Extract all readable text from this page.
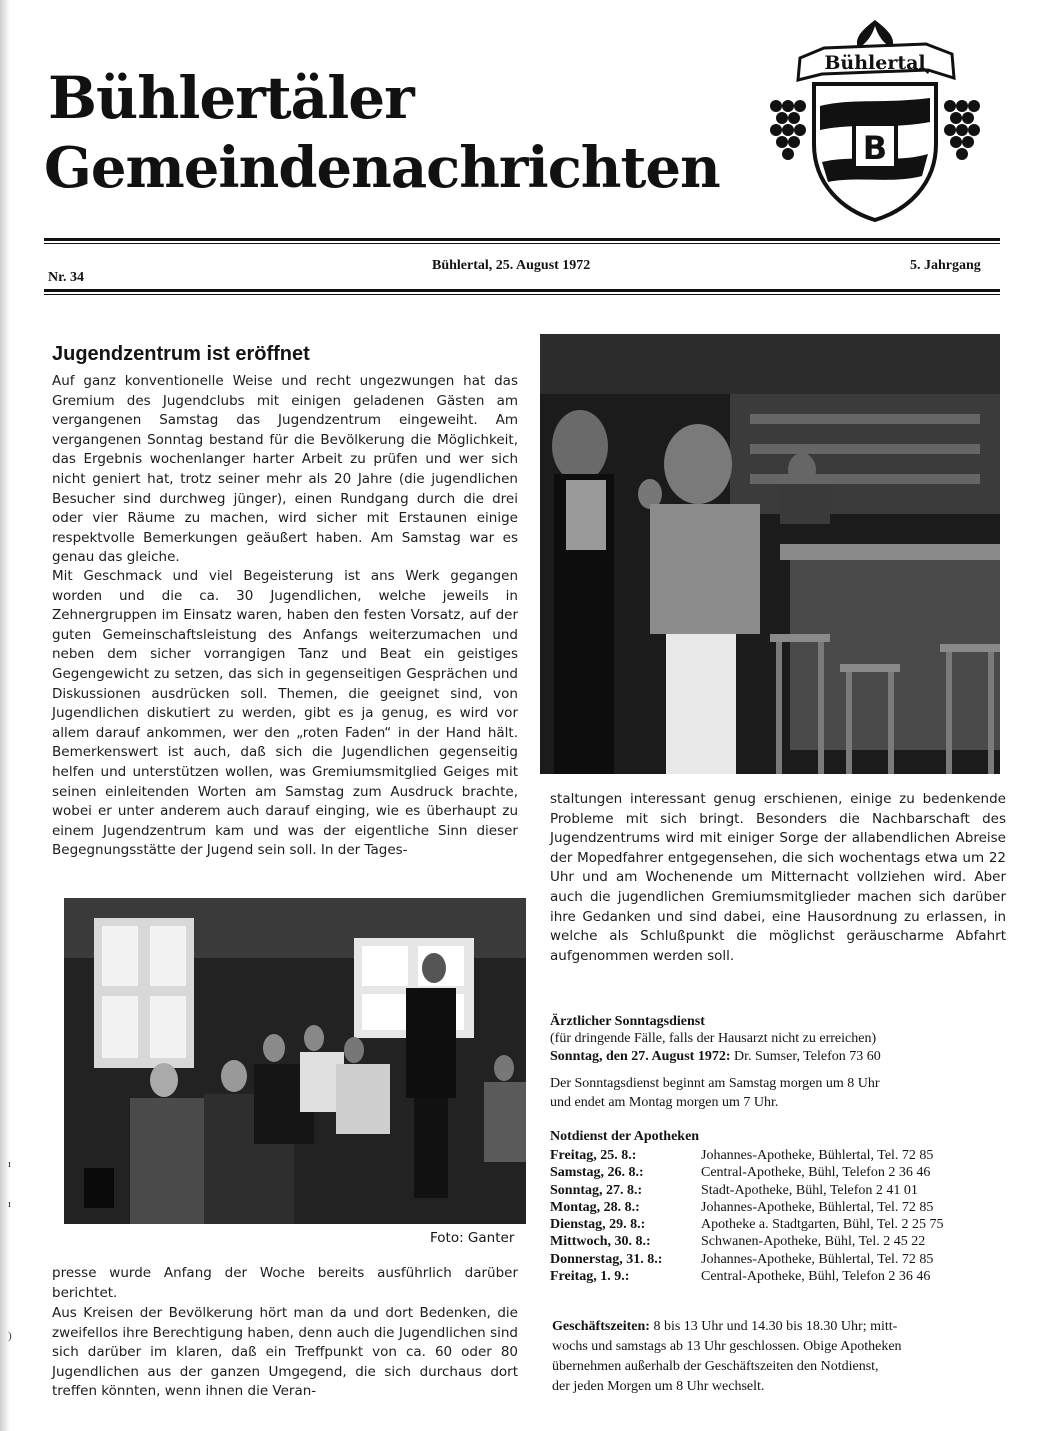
ı
ı
)
Bühlertäler
Gemeindenachrichten
Bühlertal
B
Nr. 34
Bühlertal, 25. August 1972	5. Jahrgang
Jugendzentrum ist eröffnet
Auf ganz konventionelle Weise und recht ungezwungen hat das Gremium des Jugendclubs mit einigen geladenen Gästen am vergangenen Samstag das Jugendzentrum eingeweiht. Am vergangenen Sonntag bestand für die Bevölkerung die Möglichkeit, das Ergebnis wochenlanger harter Arbeit zu prüfen und wer sich nicht geniert hat, trotz seiner mehr als 20 Jahre (die jugendlichen Besucher sind durchweg jünger), einen Rundgang durch die drei oder vier Räume zu machen, wird sicher mit Erstaunen einige respektvolle Bemerkungen geäußert haben. Am Samstag war es genau das gleiche.
Mit Geschmack und viel Begeisterung ist ans Werk gegangen worden und die ca. 30 Jugendlichen, welche jeweils in Zehnergruppen im Einsatz waren, haben den festen Vorsatz, auf der guten Gemeinschaftsleistung des Anfangs weiterzumachen und neben dem sicher vorrangigen Tanz und Beat ein geistiges Gegengewicht zu setzen, das sich in gegenseitigen Gesprächen und Diskussionen ausdrücken soll. Themen, die geeignet sind, von Jugendlichen diskutiert zu werden, gibt es ja genug, es wird vor allem darauf ankommen, wer den „roten Faden“ in der Hand hält. Bemerkenswert ist auch, daß sich die Jugendlichen gegenseitig helfen und unterstützen wollen, was Gremiumsmitglied Geiges mit seinen einleitenden Worten am Samstag zum Ausdruck brachte, wobei er unter anderem auch darauf einging, wie es überhaupt zu einem Jugendzentrum kam und was der eigentliche Sinn dieser Begegnungsstätte der Jugend sein soll. In der Tages-
Foto: Ganter
presse wurde Anfang der Woche bereits ausführlich darüber berichtet.
Aus Kreisen der Bevölkerung hört man da und dort Bedenken, die zweifellos ihre Berechtigung haben, denn auch die Jugendlichen sind sich darüber im klaren, daß ein Treffpunkt von ca. 60 oder 80 Jugendlichen aus der ganzen Umgegend, die sich durchaus dort treffen könnten, wenn ihnen die Veran-
staltungen interessant genug erschienen, einige zu bedenkende Probleme mit sich bringt. Besonders die Nachbarschaft des Jugendzentrums wird mit einiger Sorge der allabendlichen Abreise der Mopedfahrer entgegensehen, die sich wochentags etwa um 22 Uhr und am Wochenende um Mitternacht vollziehen wird. Aber auch die jugendlichen Gremiumsmitglieder machen sich darüber ihre Gedanken und sind dabei, eine Hausordnung zu erlassen, in welche als Schlußpunkt die möglichst geräuscharme Abfahrt aufgenommen werden soll.
Ärztlicher Sonntagsdienst
(für dringende Fälle, falls der Hausarzt nicht zu erreichen)
Sonntag, den 27. August 1972: Dr. Sumser, Telefon 73 60
Der Sonntagsdienst beginnt am Samstag morgen um 8 Uhr
und endet am Montag morgen um 7 Uhr.
Notdienst der Apotheken
Freitag, 25. 8.:	Johannes-Apotheke, Bühlertal, Tel. 72 85
Samstag, 26. 8.:	Central-Apotheke, Bühl, Telefon 2 36 46
Sonntag, 27. 8.:	Stadt-Apotheke, Bühl, Telefon 2 41 01
Montag, 28. 8.:	Johannes-Apotheke, Bühlertal, Tel. 72 85
Dienstag, 29. 8.:	Apotheke a. Stadtgarten, Bühl, Tel. 2 25 75
Mittwoch, 30. 8.:	Schwanen-Apotheke, Bühl, Tel. 2 45 22
Donnerstag, 31. 8.:	Johannes-Apotheke, Bühlertal, Tel. 72 85
Freitag, 1. 9.:	Central-Apotheke, Bühl, Telefon 2 36 46
Geschäftszeiten: 8 bis 13 Uhr und 14.30 bis 18.30 Uhr; mitt-
wochs und samstags ab 13 Uhr geschlossen. Obige Apotheken
übernehmen außerhalb der Geschäftszeiten den Notdienst,
der jeden Morgen um 8 Uhr wechselt.
